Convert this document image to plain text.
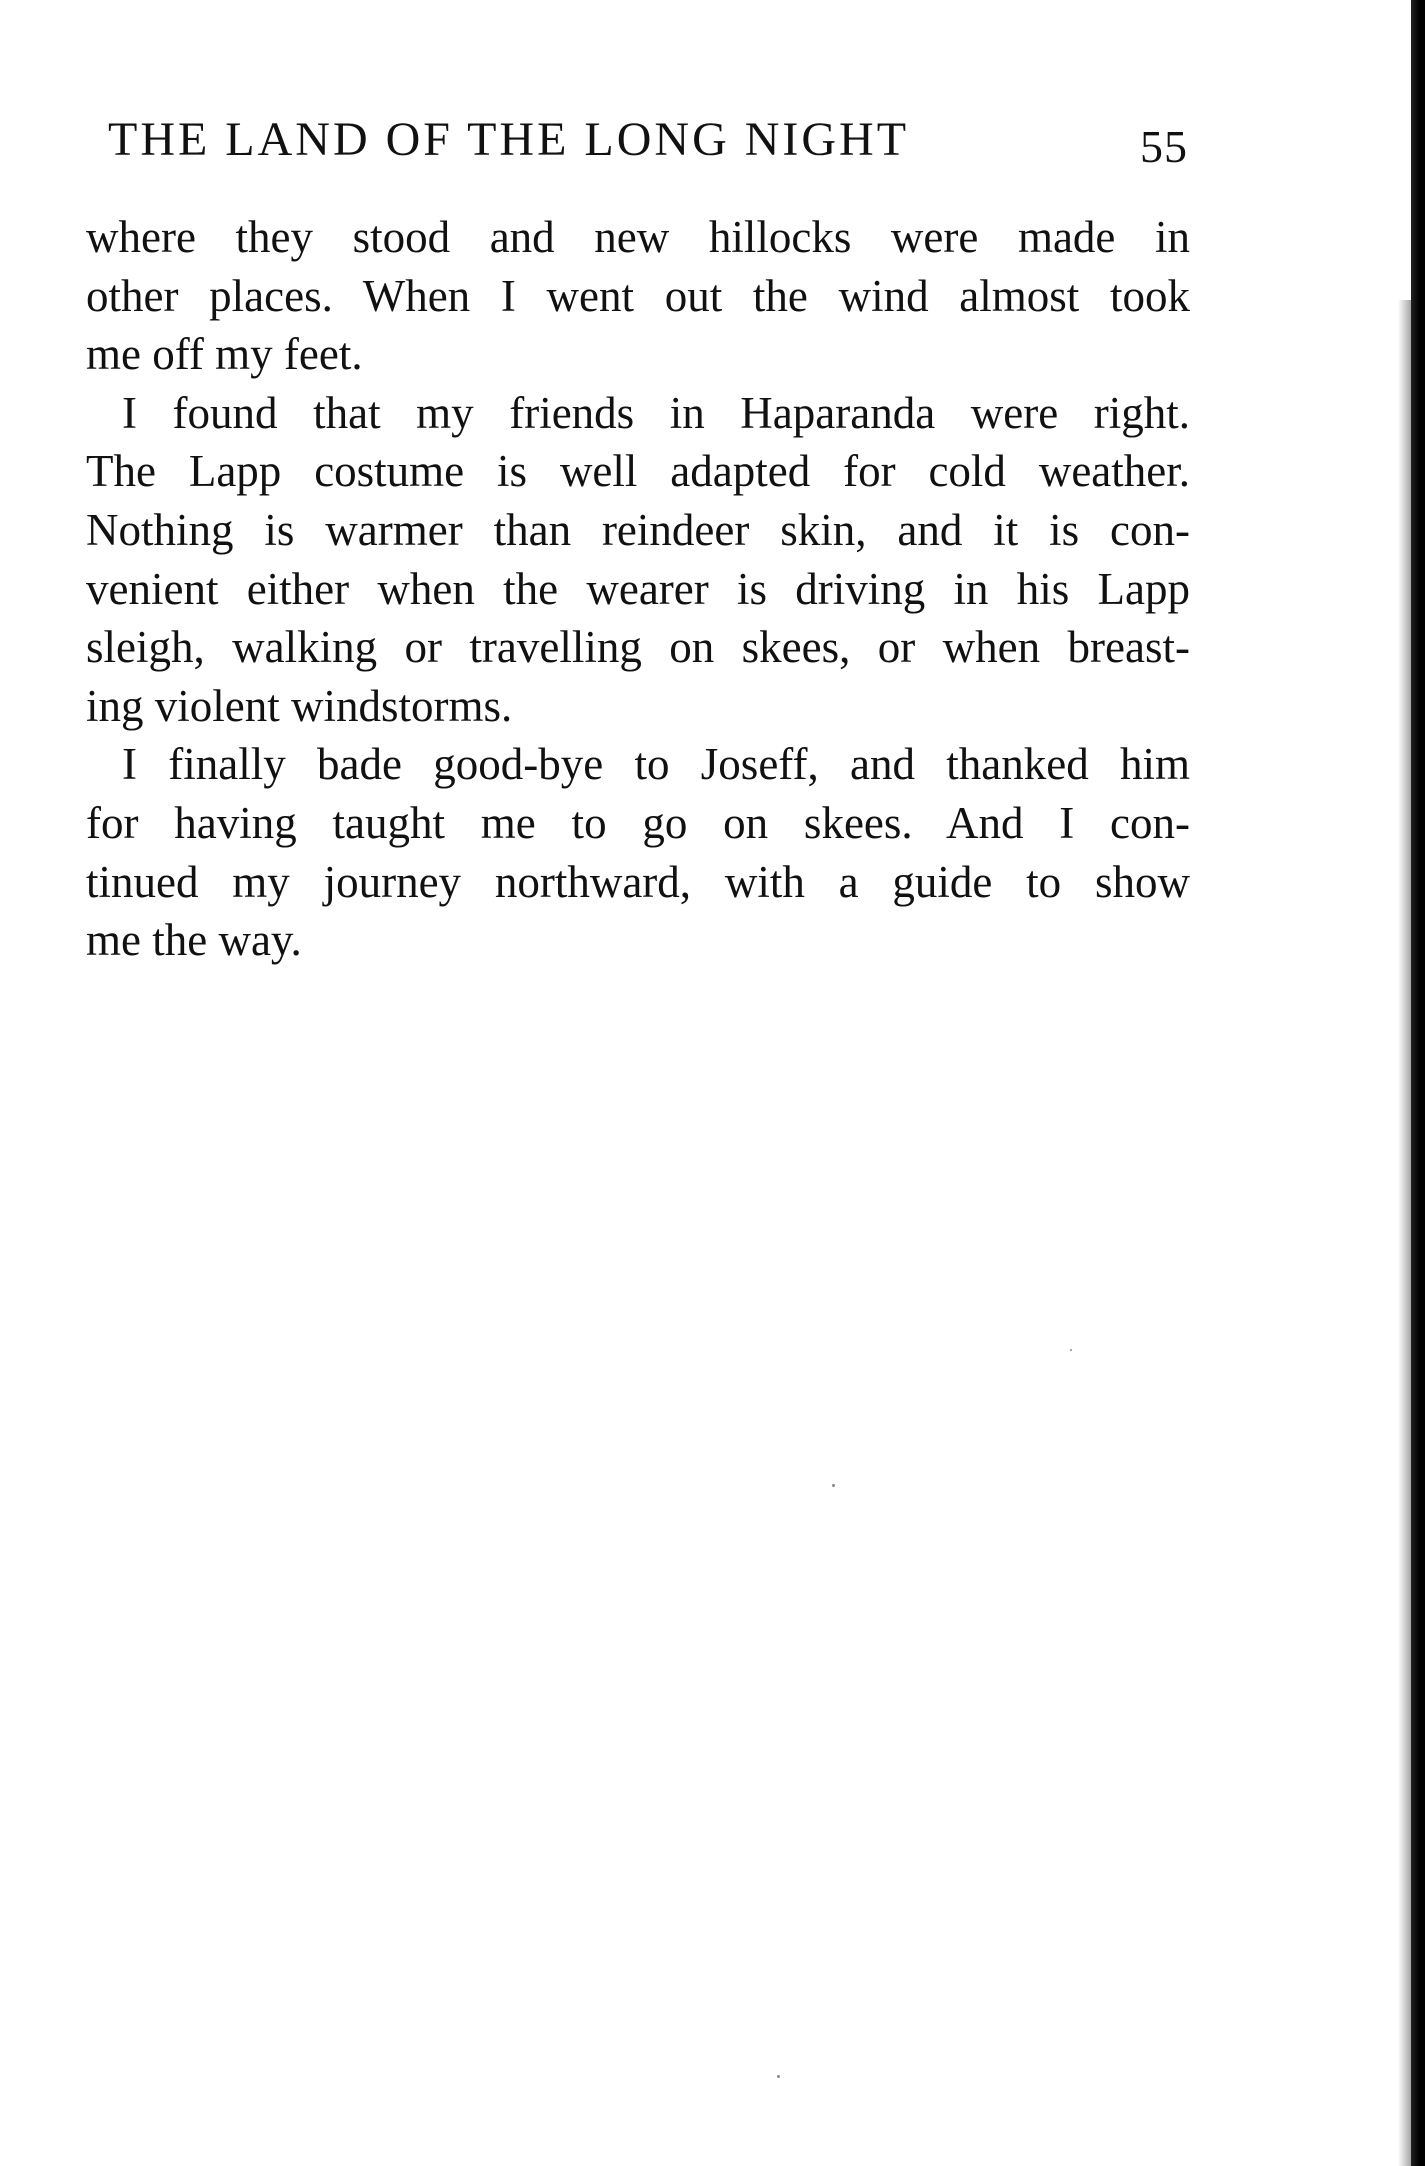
THE LAND OF THE LONG NIGHT	55
where they stood and new hillocks were made in
other places. When I went out the wind almost took
me off my feet.
I found that my friends in Haparanda were right.
The Lapp costume is well adapted for cold weather.
Nothing is warmer than reindeer skin, and it is con-
venient either when the wearer is driving in his Lapp
sleigh, walking or travelling on skees, or when breast-
ing violent windstorms.
I finally bade good-bye to Joseff, and thanked him
for having taught me to go on skees. And I con-
tinued my journey northward, with a guide to show
me the way.
